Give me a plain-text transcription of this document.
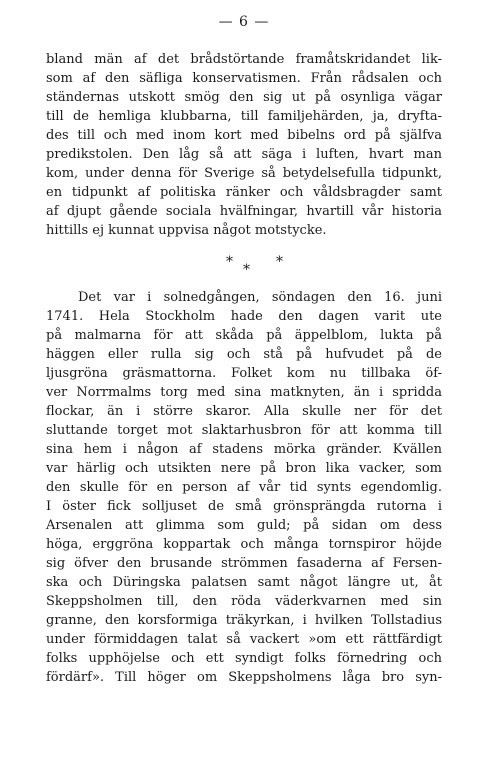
— 6 —
bland män af det brådstörtande framåtskridandet lik-
som af den säfliga konservatismen. Från rådsalen och
ständernas utskott smög den sig ut på osynliga vägar
till de hemliga klubbarna, till familjehärden, ja, dryfta-
des till och med inom kort med bibelns ord på själfva
predikstolen. Den låg så att säga i luften, hvart man
kom, under denna för Sverige så betydelsefulla tidpunkt,
en tidpunkt af politiska ränker och våldsbragder samt
af djupt gående sociala hvälfningar, hvartill vår historia
hittills ej kunnat uppvisa något motstycke.
* * *
Det var i solnedgången, söndagen den 16. juni
1741. Hela Stockholm hade den dagen varit ute
på malmarna för att skåda på äppelblom, lukta på
häggen eller rulla sig och stå på hufvudet på de
ljusgröna gräsmattorna. Folket kom nu tillbaka öf-
ver Norrmalms torg med sina matknyten, än i spridda
flockar, än i större skaror. Alla skulle ner för det
sluttande torget mot slaktarhusbron för att komma till
sina hem i någon af stadens mörka gränder. Kvällen
var härlig och utsikten nere på bron lika vacker, som
den skulle för en person af vår tid synts egendomlig.
I öster fick solljuset de små grönsprängda rutorna i
Arsenalen att glimma som guld; på sidan om dess
höga, erggröna koppartak och många tornspiror höjde
sig öfver den brusande strömmen fasaderna af Fersen-
ska och Düringska palatsen samt något längre ut, åt
Skeppsholmen till, den röda väderkvarnen med sin
granne, den korsformiga träkyrkan, i hvilken Tollstadius
under förmiddagen talat så vackert »om ett rättfärdigt
folks upphöjelse och ett syndigt folks förnedring och
fördärf». Till höger om Skeppsholmens låga bro syn-
